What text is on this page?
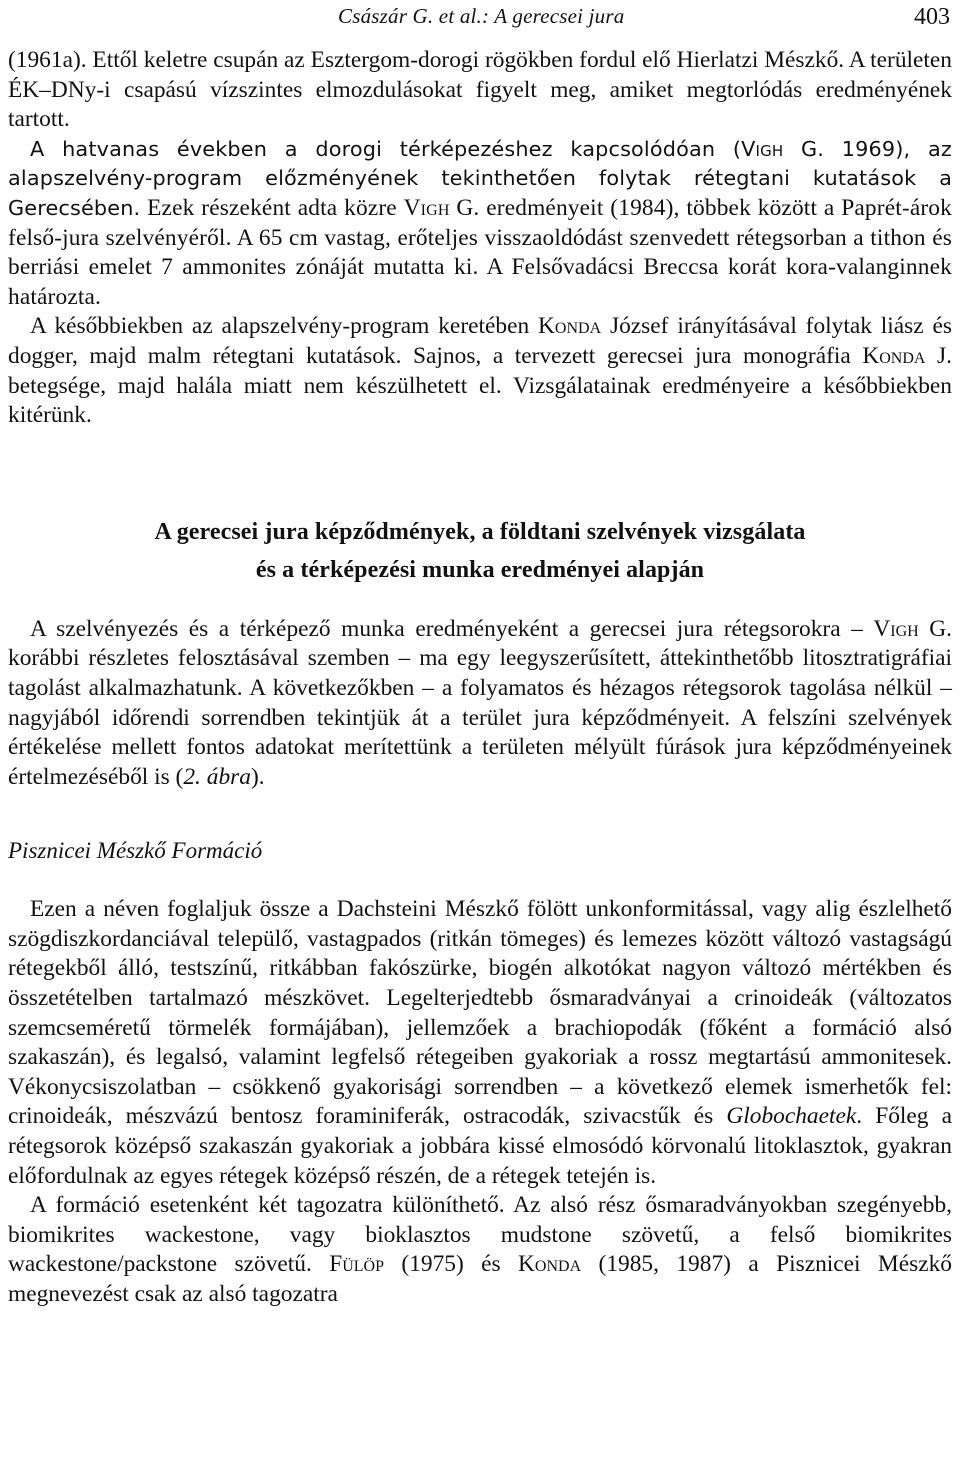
Császár G. et al.: A gerecsei jura	403

(1961a). Ettől keletre csupán az Esztergom-dorogi rögökben fordul elő Hierlatzi Mészkő. A területen ÉK–DNy-i csapású vízszintes elmozdulásokat figyelt meg, amiket megtorlódás eredményének tartott.

A hatvanas években a dorogi térképezéshez kapcsolódóan (Vigh G. 1969), az alapszelvény-program előzményének tekinthetően folytak rétegtani kutatások a Gerecsében. Ezek részeként adta közre Vigh G. eredményeit (1984), többek között a Paprét-árok felső-jura szelvényéről. A 65 cm vastag, erőteljes visszaoldódást szenvedett rétegsorban a tithon és berriási emelet 7 ammonites zónáját mutatta ki. A Felsővadácsi Breccsa korát kora-valanginnek határozta.

A későbbiekben az alapszelvény-program keretében Konda József irányításával folytak liász és dogger, majd malm rétegtani kutatások. Sajnos, a tervezett gerecsei jura monográfia Konda J. betegsége, majd halála miatt nem készülhetett el. Vizsgálatainak eredményeire a későbbiekben kitérünk.

A gerecsei jura képződmények, a földtani szelvények vizsgálata
és a térképezési munka eredményei alapján

A szelvényezés és a térképező munka eredményeként a gerecsei jura rétegsorokra – Vigh G. korábbi részletes felosztásával szemben – ma egy leegyszerűsített, áttekinthetőbb litosztratigráfiai tagolást alkalmazhatunk. A következőkben – a folyamatos és hézagos rétegsorok tagolása nélkül – nagyjából időrendi sorrendben tekintjük át a terület jura képződményeit. A felszíni szelvények értékelése mellett fontos adatokat merítettünk a területen mélyült fúrások jura képződményeinek értelmezéséből is (2. ábra).

Pisznicei Mészkő Formáció

Ezen a néven foglaljuk össze a Dachsteini Mészkő fölött unkonformitással, vagy alig észlelhető szögdiszkordanciával települő, vastagpados (ritkán tömeges) és lemezes között változó vastagságú rétegekből álló, testszínű, ritkábban fakószürke, biogén alkotókat nagyon változó mértékben és összetételben tartalmazó mészkövet. Legelterjedtebb ősmaradványai a crinoideák (változatos szemcseméretű törmelék formájában), jellemzőek a brachiopodák (főként a formáció alsó szakaszán), és legalsó, valamint legfelső rétegeiben gyakoriak a rossz megtartású ammonitesek. Vékonycsiszolatban – csökkenő gyakorisági sorrendben – a következő elemek ismerhetők fel: crinoideák, mészvázú bentosz foraminiferák, ostracodák, szivacstűk és Globochaetek. Főleg a rétegsorok középső szakaszán gyakoriak a jobbára kissé elmosódó körvonalú litoklasztok, gyakran előfordulnak az egyes rétegek középső részén, de a rétegek tetején is.

A formáció esetenként két tagozatra különíthető. Az alsó rész ősmaradványokban szegényebb, biomikrites wackestone, vagy bioklasztos mudstone szövetű, a felső biomikrites wackestone/packstone szövetű. Fülöp (1975) és Konda (1985, 1987) a Pisznicei Mészkő megnevezést csak az alsó tagozatra
